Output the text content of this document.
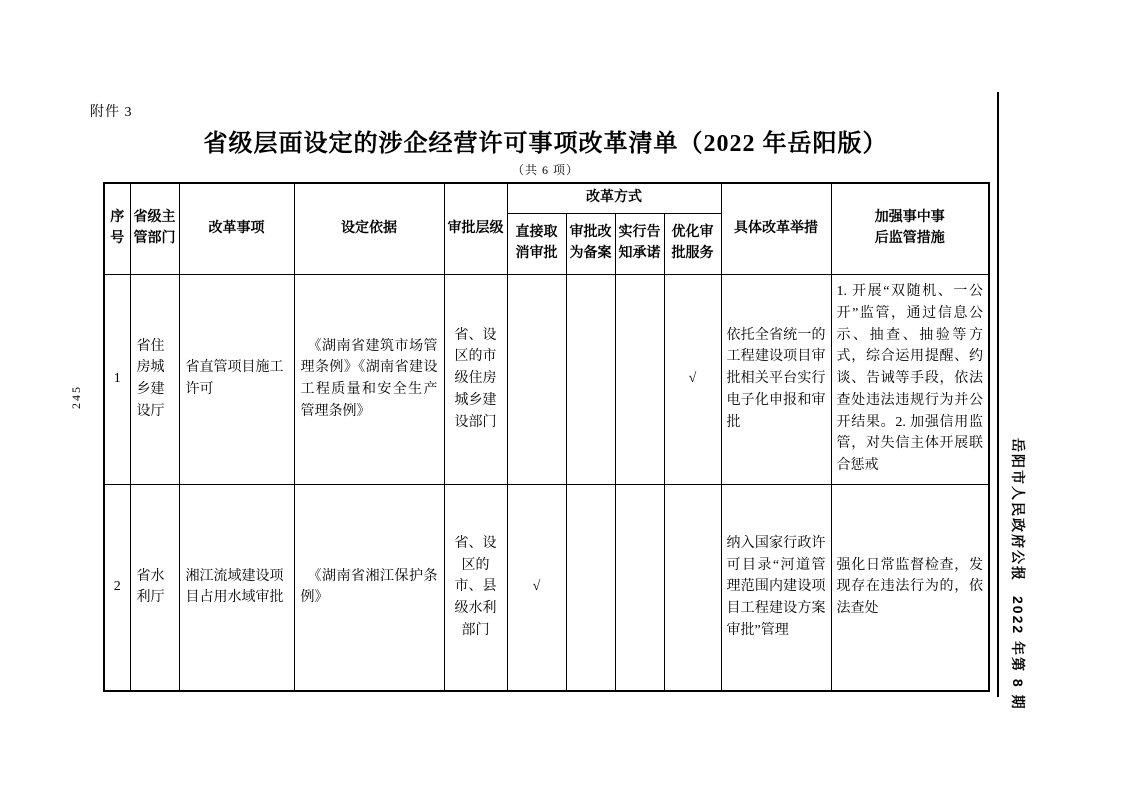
附件 3
省级层面设定的涉企经营许可事项改革清单（2022 年岳阳版）
（共 6 项）
序号	省级主管部门	改革事项	设定依据	审批层级	改革方式				具体改革举措	加强事中事后监管措施
					直接取消审批	审批改为备案	实行告知承诺	优化审批服务		
1	省住房城乡建设厅	省直管项目施工许可	《湖南省建筑市场管理条例》《湖南省建设工程质量和安全生产管理条例》	省、设区的市级住房城乡建设部门				√	依托全省统一的工程建设项目审批相关平台实行电子化申报和审批	1. 开展“双随机、一公开”监管，通过信息公示、抽查、抽验等方式，综合运用提醒、约谈、告诫等手段，依法查处违法违规行为并公开结果。2. 加强信用监管，对失信主体开展联合惩戒
2	省水利厅	湘江流域建设项目占用水域审批	《湖南省湘江保护条例》	省、设区的市、县级水利部门	√				纳入国家行政许可目录“河道管理范围内建设项目工程建设方案审批”管理	强化日常监督检查，发现存在违法行为的，依法查处
245
岳阳市人民政府公报2022 年第 8 期
